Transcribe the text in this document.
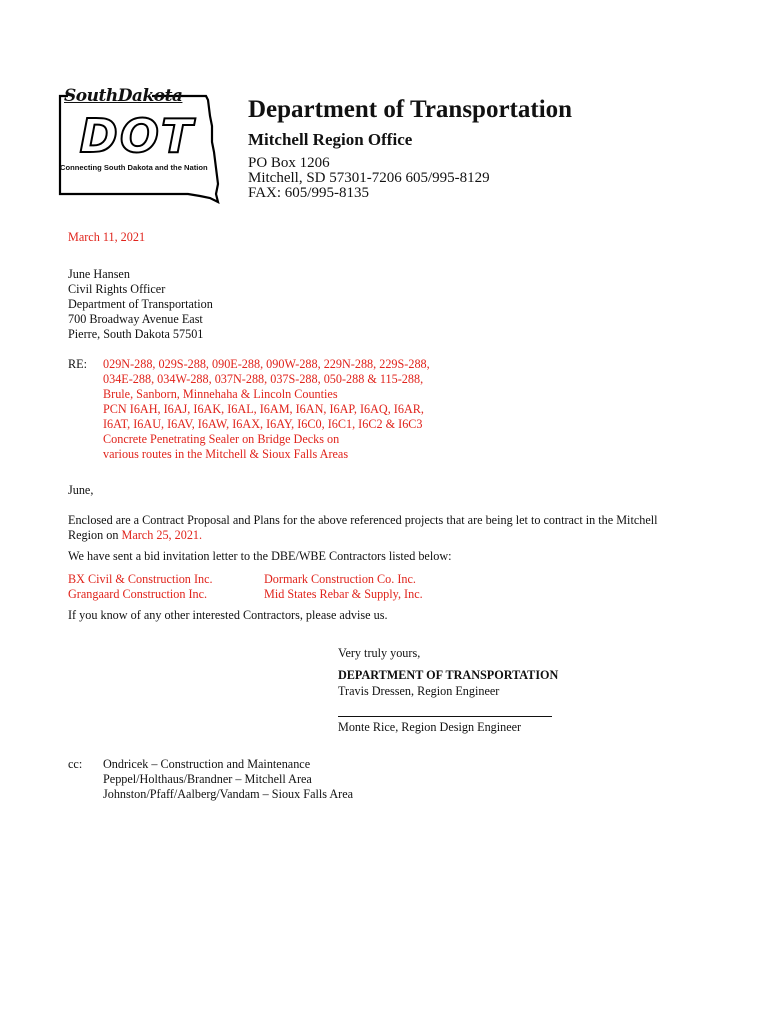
SouthDakota
DOT
Connecting South Dakota and the Nation
Department of Transportation
Mitchell Region Office
PO Box 1206
Mitchell, SD 57301-7206 605/995-8129
FAX: 605/995-8135
March 11, 2021
June Hansen
Civil Rights Officer
Department of Transportation
700 Broadway Avenue East
Pierre, South Dakota 57501
RE: 029N-288, 029S-288, 090E-288, 090W-288, 229N-288, 229S-288,
034E-288, 034W-288, 037N-288, 037S-288, 050-288 & 115-288,
Brule, Sanborn, Minnehaha & Lincoln Counties
PCN I6AH, I6AJ, I6AK, I6AL, I6AM, I6AN, I6AP, I6AQ, I6AR,
I6AT, I6AU, I6AV, I6AW, I6AX, I6AY, I6C0, I6C1, I6C2 & I6C3
Concrete Penetrating Sealer on Bridge Decks on
various routes in the Mitchell & Sioux Falls Areas
June,
Enclosed are a Contract Proposal and Plans for the above referenced projects that are being let to contract in the Mitchell
Region on March 25, 2021.
We have sent a bid invitation letter to the DBE/WBE Contractors listed below:
BX Civil & Construction Inc.
Grangaard Construction Inc.
Dormark Construction Co. Inc.
Mid States Rebar & Supply, Inc.
If you know of any other interested Contractors, please advise us.
Very truly yours,
DEPARTMENT OF TRANSPORTATION
Travis Dressen, Region Engineer
Monte Rice, Region Design Engineer
cc: Ondricek – Construction and Maintenance
Peppel/Holthaus/Brandner – Mitchell Area
Johnston/Pfaff/Aalberg/Vandam – Sioux Falls Area
